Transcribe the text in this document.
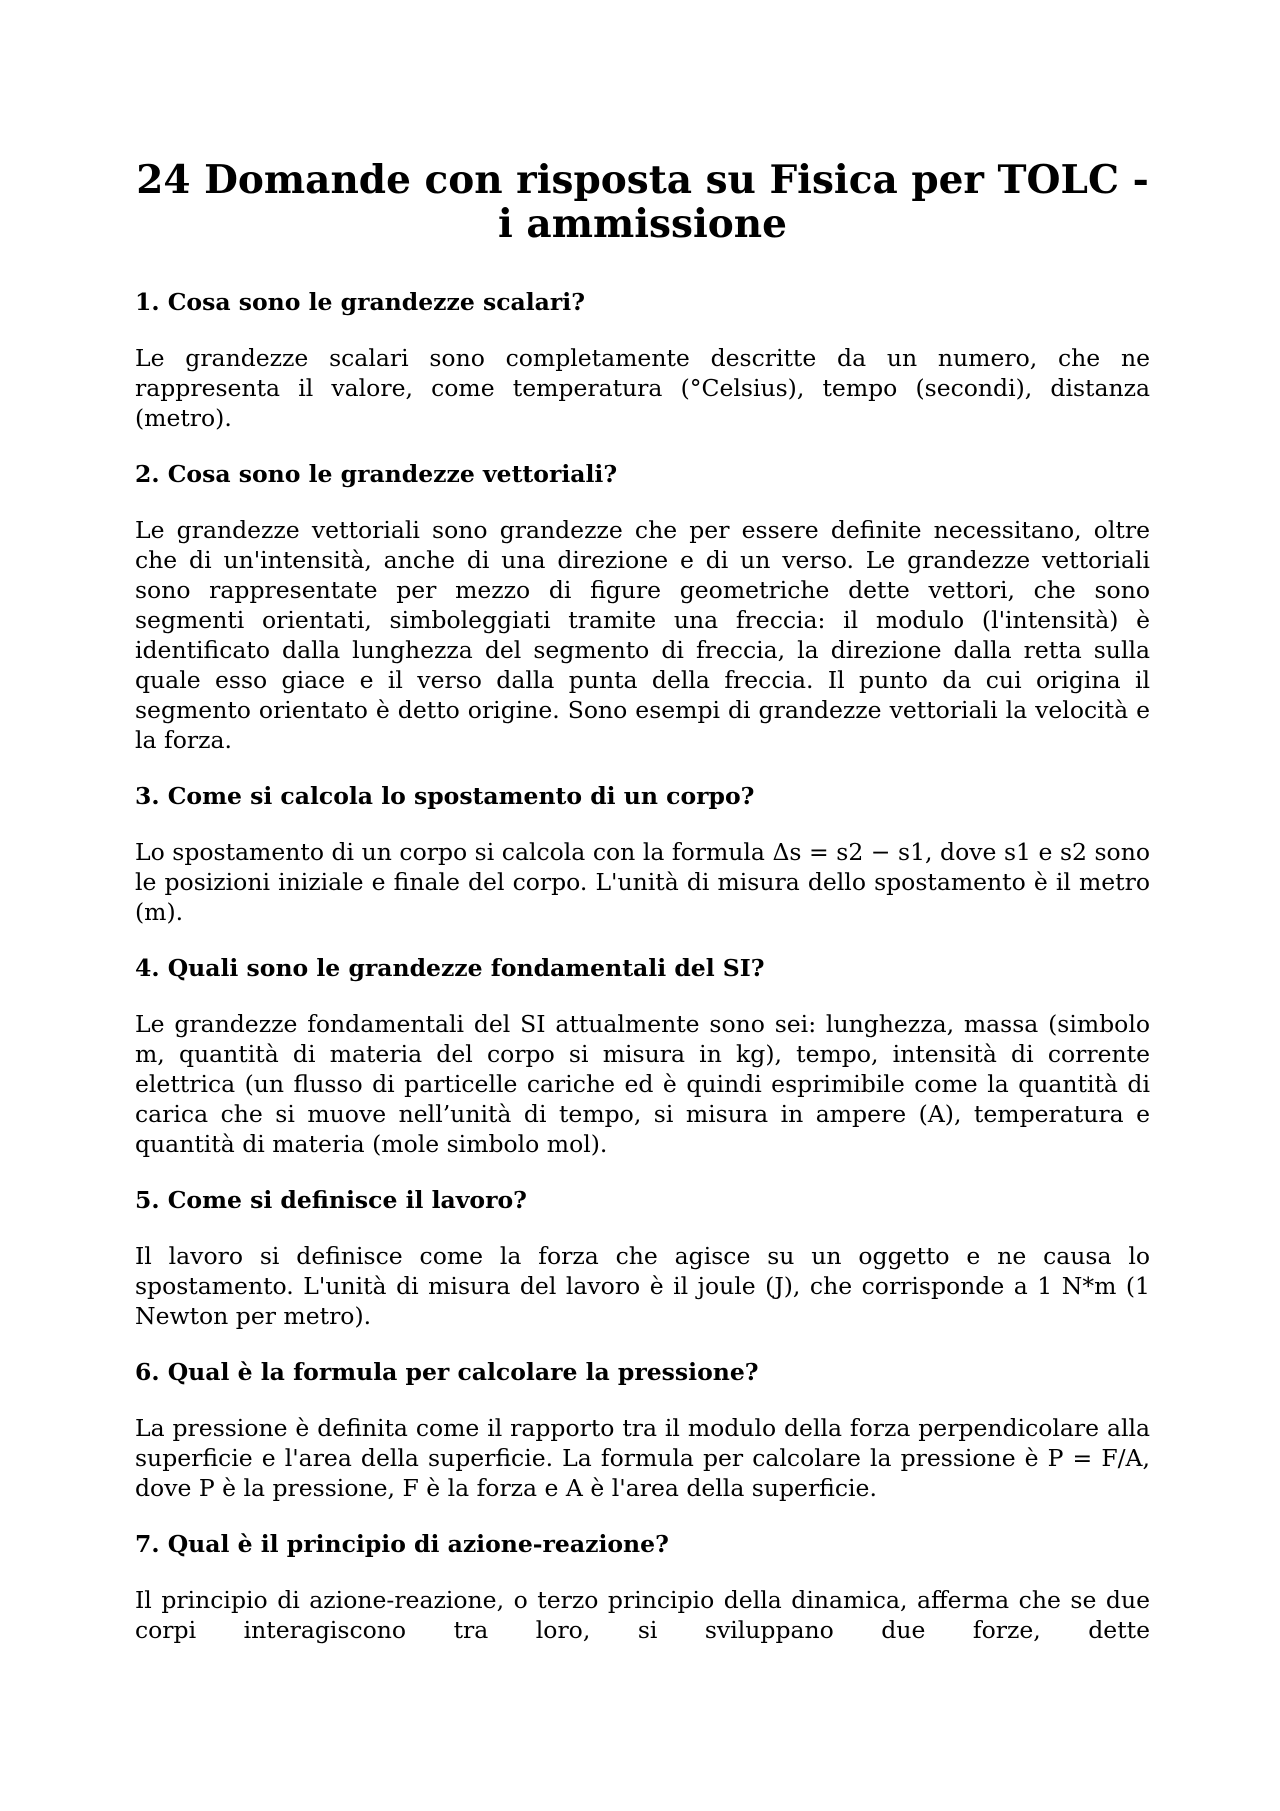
24 Domande con risposta su Fisica per TOLC -
i ammissione

1. Cosa sono le grandezze scalari?

Le grandezze scalari sono completamente descritte da un numero, che ne rappresenta il valore, come temperatura (°Celsius), tempo (secondi), distanza (metro).

2. Cosa sono le grandezze vettoriali?

Le grandezze vettoriali sono grandezze che per essere definite necessitano, oltre che di un'intensità, anche di una direzione e di un verso. Le grandezze vettoriali sono rappresentate per mezzo di figure geometriche dette vettori, che sono segmenti orientati, simboleggiati tramite una freccia: il modulo (l'intensità) è identificato dalla lunghezza del segmento di freccia, la direzione dalla retta sulla quale esso giace e il verso dalla punta della freccia. Il punto da cui origina il segmento orientato è detto origine. Sono esempi di grandezze vettoriali la velocità e la forza.

3. Come si calcola lo spostamento di un corpo?

Lo spostamento di un corpo si calcola con la formula Δs = s2 − s1, dove s1 e s2 sono le posizioni iniziale e finale del corpo. L'unità di misura dello spostamento è il metro (m).

4. Quali sono le grandezze fondamentali del SI?

Le grandezze fondamentali del SI attualmente sono sei: lunghezza, massa (simbolo m, quantità di materia del corpo si misura in kg), tempo, intensità di corrente elettrica (un flusso di particelle cariche ed è quindi esprimibile come la quantità di carica che si muove nell’unità di tempo, si misura in ampere (A), temperatura e quantità di materia (mole simbolo mol).

5. Come si definisce il lavoro?

Il lavoro si definisce come la forza che agisce su un oggetto e ne causa lo spostamento. L'unità di misura del lavoro è il joule (J), che corrisponde a 1 N*m (1 Newton per metro).

6. Qual è la formula per calcolare la pressione?

La pressione è definita come il rapporto tra il modulo della forza perpendicolare alla superficie e l'area della superficie. La formula per calcolare la pressione è P = F/A, dove P è la pressione, F è la forza e A è l'area della superficie.

7. Qual è il principio di azione-reazione?

Il principio di azione-reazione, o terzo principio della dinamica, afferma che se due corpi interagiscono tra loro, si sviluppano due forze, dette
